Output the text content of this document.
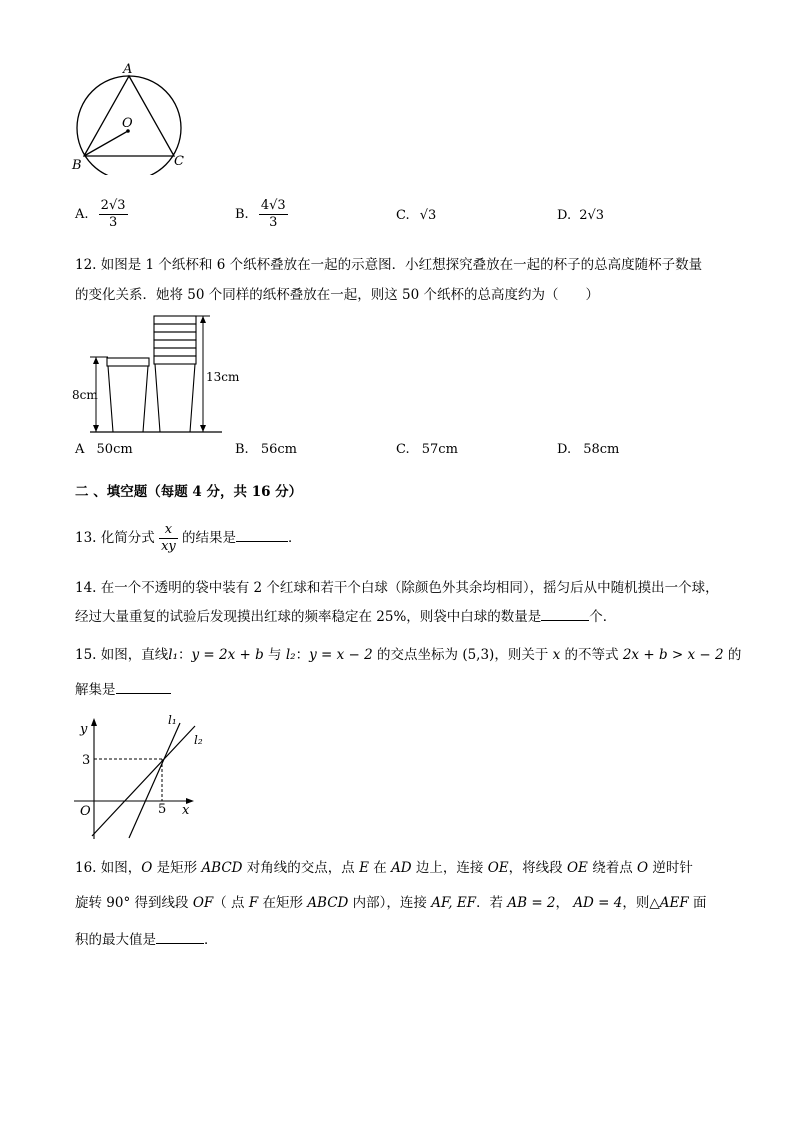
A
O
B	C
A. $\frac{2√3}{3}$	B. $\frac{4√3}{3}$	C. √3	D. 2√3
12. 如图是 1 个纸杯和 6 个纸杯叠放在一起的示意图．小红想探究叠放在一起的杯子的总高度随杯子数量
的变化关系．她将 50 个同样的纸杯叠放在一起，则这 50 个纸杯的总高度约为（　　）
8cm
13cm
A 50cm	B. 56cm	C. 57cm	D. 58cm
二 、填空题（每题 4 分，共 16 分）
13. 化简分式 $\frac{x}{xy}$ 的结果是	．
14. 在一个不透明的袋中装有 2 个红球和若干个白球（除颜色外其余均相同），摇匀后从中随机摸出一个球，
经过大量重复的试验后发现摸出红球的频率稳定在 25%，则袋中白球的数量是	个．
15. 如图，直线l₁：y = 2x + b 与 l₂：y = x − 2 的交点坐标为 (5,3)，则关于 x 的不等式 2x + b > x − 2 的
解集是
y
x
O
3
5
l₁
l₂
16. 如图，O 是矩形 ABCD 对角线的交点，点 E 在 AD 边上，连接 OE，将线段 OE 绕着点 O 逆时针
旋转 90° 得到线段 OF（ 点 F 在矩形 ABCD 内部），连接 AF, EF．若 AB = 2， AD = 4，则△AEF 面
积的最大值是	．
